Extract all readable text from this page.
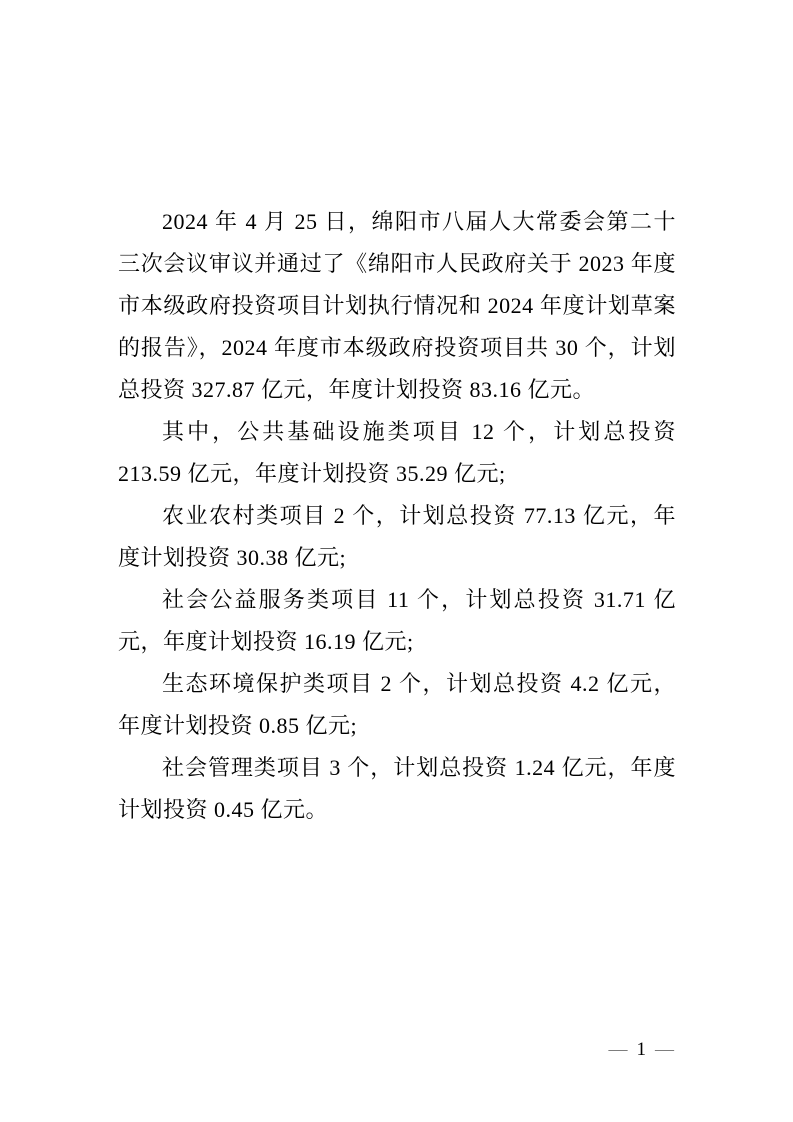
2024 年 4 月 25 日，绵阳市八届人大常委会第二十三次会议审议并通过了《绵阳市人民政府关于 2023 年度市本级政府投资项目计划执行情况和 2024 年度计划草案的报告》，2024 年度市本级政府投资项目共 30 个，计划总投资 327.87 亿元，年度计划投资 83.16 亿元。

其中，公共基础设施类项目 12 个，计划总投资 213.59 亿元，年度计划投资 35.29 亿元;

农业农村类项目 2 个，计划总投资 77.13 亿元，年度计划投资 30.38 亿元;

社会公益服务类项目 11 个，计划总投资 31.71 亿元，年度计划投资 16.19 亿元;

生态环境保护类项目 2 个，计划总投资 4.2 亿元，年度计划投资 0.85 亿元;

社会管理类项目 3 个，计划总投资 1.24 亿元，年度计划投资 0.45 亿元。

— 1 —
